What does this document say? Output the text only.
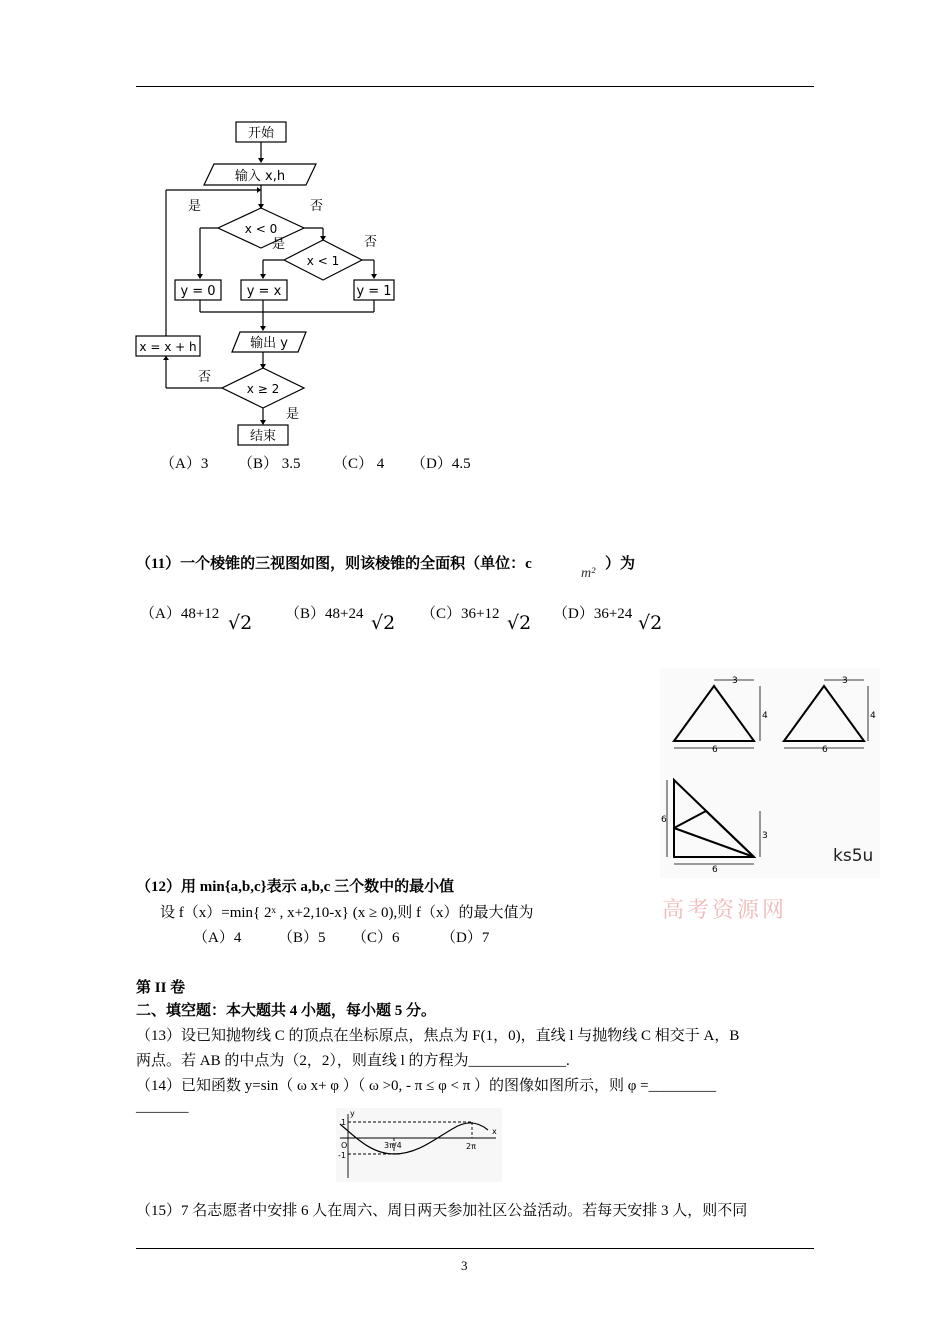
开始
输入 x,h
x < 0
x < 1
y = 0 y = x	y = 1
输出 y
x = x + h
x ≥ 2
结束
是	否
是	否
否
是
（A）3 （B） 3.5 （C） 4 （D）4.5
（11）一个棱锥的三视图如图，则该棱锥的全面积（单位：c
m²
）为
（A）48+12 √2 （B）48+24 √2 （C）36+12 √2 （D）36+24 √2
3
4
6
3
4
6
6
3
6
ks5u
高考资源网
（12）用 min{a,b,c}表示 a,b,c 三个数中的最小值
设 f（x）=min{ 2ˣ , x+2,10-x} (x ≥ 0),则 f（x）的最大值为
（A）4 （B）5 （C）6	（D）7
第 II 卷
二、填空题：本大题共 4 小题，每小题 5 分。
（13）设已知抛物线 C 的顶点在坐标原点，焦点为 F(1，0)，直线 l 与抛物线 C 相交于 A，B
两点。若 AB 的中点为（2，2），则直线 l 的方程为_____________.
（14）已知函数 y=sin（ ω x+ φ ）（ ω >0, - π ≤ φ < π ）的图像如图所示，则 φ =_________
_______	y
x
O
1
-1
3π/4	2π
（15）7 名志愿者中安排 6 人在周六、周日两天参加社区公益活动。若每天安排 3 人，则不同
3
